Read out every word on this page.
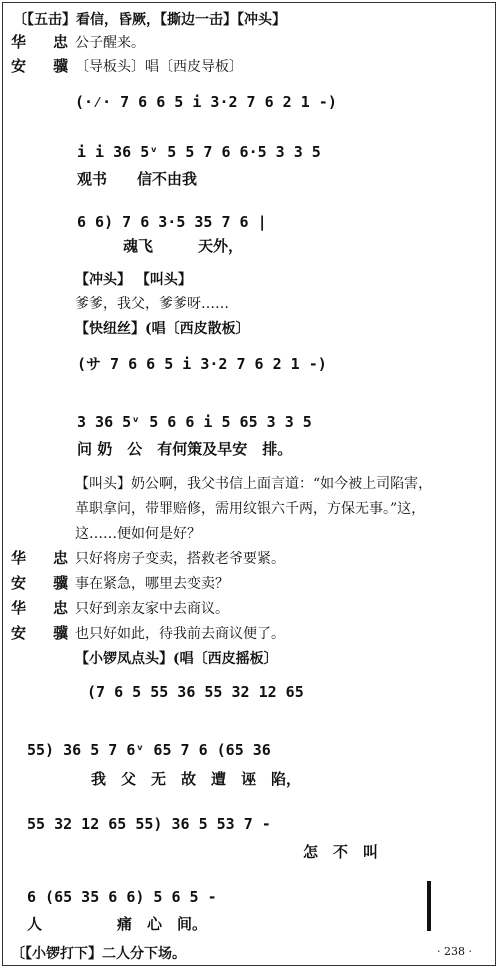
〔【五击】看信，昏厥，【撕边一击】【冲头】
华　忠 公子醒来。
安　骥 〔导板头〕唱〔西皮导板〕
(·⁄· 7 6 6 5 i 3·2 7 6 2 1 -)
i i 36 5ᵛ 5 5 7 6 6·5 3 3 5
观书　　信不由我
6 6) 7 6 3·5 35 7 6 |
魂飞　　　天外，
【冲头】 【叫头】
爹爹，我父，爹爹呀……
【快纽丝】(唱〔西皮散板〕
(サ 7 6 6 5 i 3·2 7 6 2 1 -)
3 36 5ᵛ 5 6 6 i 5 65 3 3 5
问 奶　公　有何策及早安　排。
【叫头】奶公啊，我父书信上面言道：“如今被上司陷害，
革职拿问，带罪赔修，需用纹银六千两，方保无事。”这，
这……便如何是好？
华　忠 只好将房子变卖，搭救老爷要紧。
安　骥 事在紧急，哪里去变卖？
华　忠 只好到亲友家中去商议。
安　骥 也只好如此，待我前去商议便了。
【小锣凤点头】(唱〔西皮摇板〕
(7 6 5 55 36 55 32 12 65
55) 36 5 7 6ᵛ 65 7 6 (65 36
我　父　无　故　遭　诬　陷，
55 32 12 65 55) 36 5 53 7 -
怎　不　叫
6 (65 35 6 6) 5 6 5 -
人　　　　　痛　心　间。
〔【小锣打下】二人分下场。	· 238 ·
